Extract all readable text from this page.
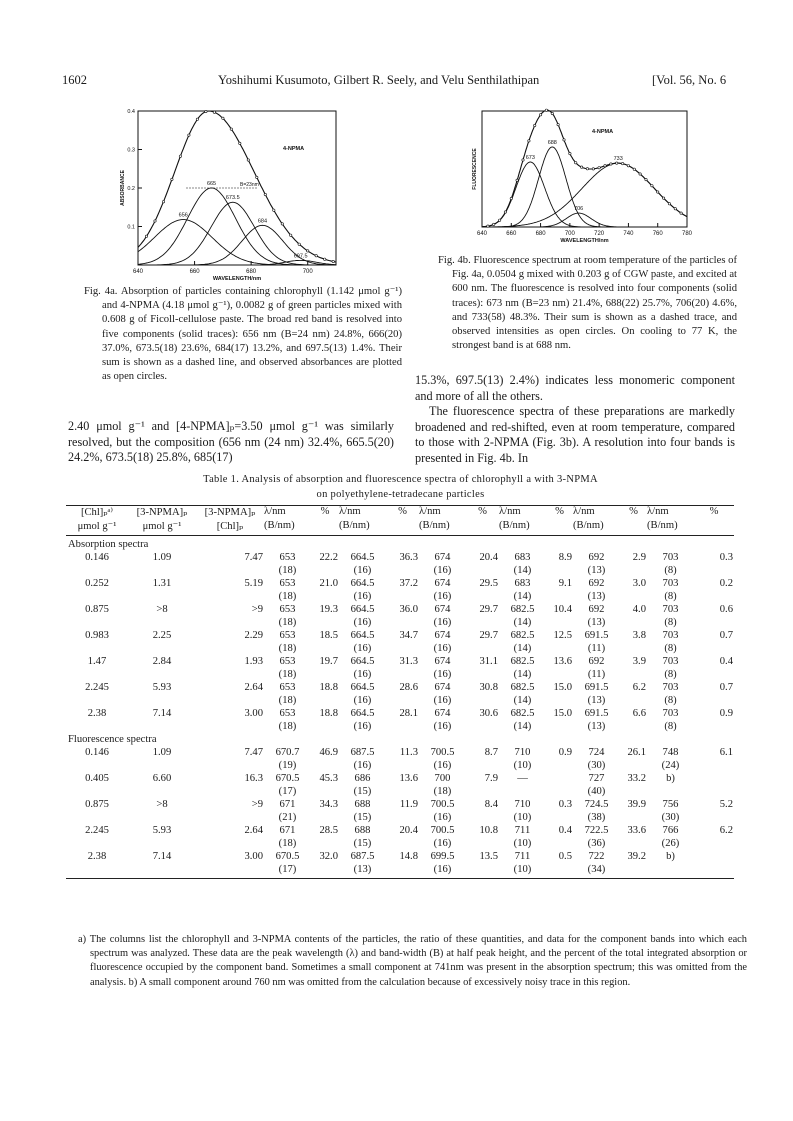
1602	Yoshihumi Kusumoto, Gilbert R. Seely, and Velu Senthilathipan	[Vol. 56, No. 6
640	660	680	700
0.1
0.2
0.3
0.4
WAVELENGTH/nm
ABSORBANCE
656
665
673.5
684
697.5
4-NPMA
B=23nm
640	660	680	700	720	740	760	780
WAVELENGTH/nm
FLUORESCENCE	673
688
706
733
4-NPMA
Fig. 4a. Absorption of particles containing chlorophyll (1.142 μmol g⁻¹) and 4-NPMA (4.18 μmol g⁻¹), 0.0082 g of green particles mixed with 0.608 g of Ficoll-cellulose paste. The broad red band is resolved into five components (solid traces): 656 nm (B=24 nm) 24.8%, 666(20) 37.0%, 673.5(18) 23.6%, 684(17) 13.2%, and 697.5(13) 1.4%. Their sum is shown as a dashed line, and observed absorbances are plotted as open circles.
Fig. 4b. Fluorescence spectrum at room temperature of the particles of Fig. 4a, 0.0504 g mixed with 0.203 g of CGW paste, and excited at 600 nm. The fluorescence is resolved into four components (solid traces): 673 nm (B=23 nm) 21.4%, 688(22) 25.7%, 706(20) 4.6%, and 733(58) 48.3%. Their sum is shown as a dashed trace, and observed intensities as open circles. On cooling to 77 K, the strongest band is at 688 nm.
2.40 μmol g⁻¹ and [4-NPMA]ₚ=3.50 μmol g⁻¹ was similarly resolved, but the composition (656 nm (24 nm) 32.4%, 665.5(20) 24.2%, 673.5(18) 25.8%, 685(17)
15.3%, 697.5(13) 2.4%) indicates less monomeric component and more of all the others.
The fluorescence spectra of these preparations are markedly broadened and red-shifted, even at room temperature, compared to those with 2-NPMA (Fig. 3b). A resolution into four bands is presented in Fig. 4b. In
Table 1. Analysis of absorption and fluorescence spectra of chlorophyll a with 3-NPMA
on polyethylene-tetradecane particles
[Chl]ₚᵃ⁾	[3-NPMA]ₚ	[3-NPMA]ₚ	λ/nm	%	λ/nm	%	λ/nm	%	λ/nm	%	λ/nm	%	λ/nm	%
μmol g⁻¹	μmol g⁻¹	[Chl]ₚ	(B/nm)		(B/nm)		(B/nm)		(B/nm)		(B/nm)		(B/nm)	
Absorption spectra														
0.146	1.09	7.47	653	22.2	664.5	36.3	674	20.4	683	8.9	692	2.9	703	0.3
			(18)		(16)		(16)		(14)		(13)		(8)	
0.252	1.31	5.19	653	21.0	664.5	37.2	674	29.5	683	9.1	692	3.0	703	0.2
			(18)		(16)		(16)		(14)		(13)		(8)	
0.875	>8	>9	653	19.3	664.5	36.0	674	29.7	682.5	10.4	692	4.0	703	0.6
			(18)		(16)		(16)		(14)		(13)		(8)	
0.983	2.25	2.29	653	18.5	664.5	34.7	674	29.7	682.5	12.5	691.5	3.8	703	0.7
			(18)		(16)		(16)		(14)		(11)		(8)	
1.47	2.84	1.93	653	19.7	664.5	31.3	674	31.1	682.5	13.6	692	3.9	703	0.4
			(18)		(16)		(16)		(14)		(11)		(8)	
2.245	5.93	2.64	653	18.8	664.5	28.6	674	30.8	682.5	15.0	691.5	6.2	703	0.7
			(18)		(16)		(16)		(14)		(13)		(8)	
2.38	7.14	3.00	653	18.8	664.5	28.1	674	30.6	682.5	15.0	691.5	6.6	703	0.9
			(18)		(16)		(16)		(14)		(13)		(8)	
Fluorescence spectra														
0.146	1.09	7.47	670.7	46.9	687.5	11.3	700.5	8.7	710	0.9	724	26.1	748	6.1
			(19)		(16)		(16)		(10)		(30)		(24)	
0.405	6.60	16.3	670.5	45.3	686	13.6	700	7.9	—		727	33.2	b)	
			(17)		(15)		(18)				(40)			
0.875	>8	>9	671	34.3	688	11.9	700.5	8.4	710	0.3	724.5	39.9	756	5.2
			(21)		(15)		(16)		(10)		(38)		(30)	
2.245	5.93	2.64	671	28.5	688	20.4	700.5	10.8	711	0.4	722.5	33.6	766	6.2
			(18)		(15)		(16)		(10)		(36)		(26)	
2.38	7.14	3.00	670.5	32.0	687.5	14.8	699.5	13.5	711	0.5	722	39.2	b)	
			(17)		(13)		(16)		(10)		(34)			
a) The columns list the chlorophyll and 3-NPMA contents of the particles, the ratio of these quantities, and data for the component bands into which each spectrum was analyzed. These data are the peak wavelength (λ) and band-width (B) at half peak height, and the percent of the total integrated absorption or fluorescence occupied by the component band. Sometimes a small component at 741nm was present in the absorption spectrum; this was omitted from the analysis. b) A small component around 760 nm was omitted from the calculation because of excessively noisy trace in this region.
